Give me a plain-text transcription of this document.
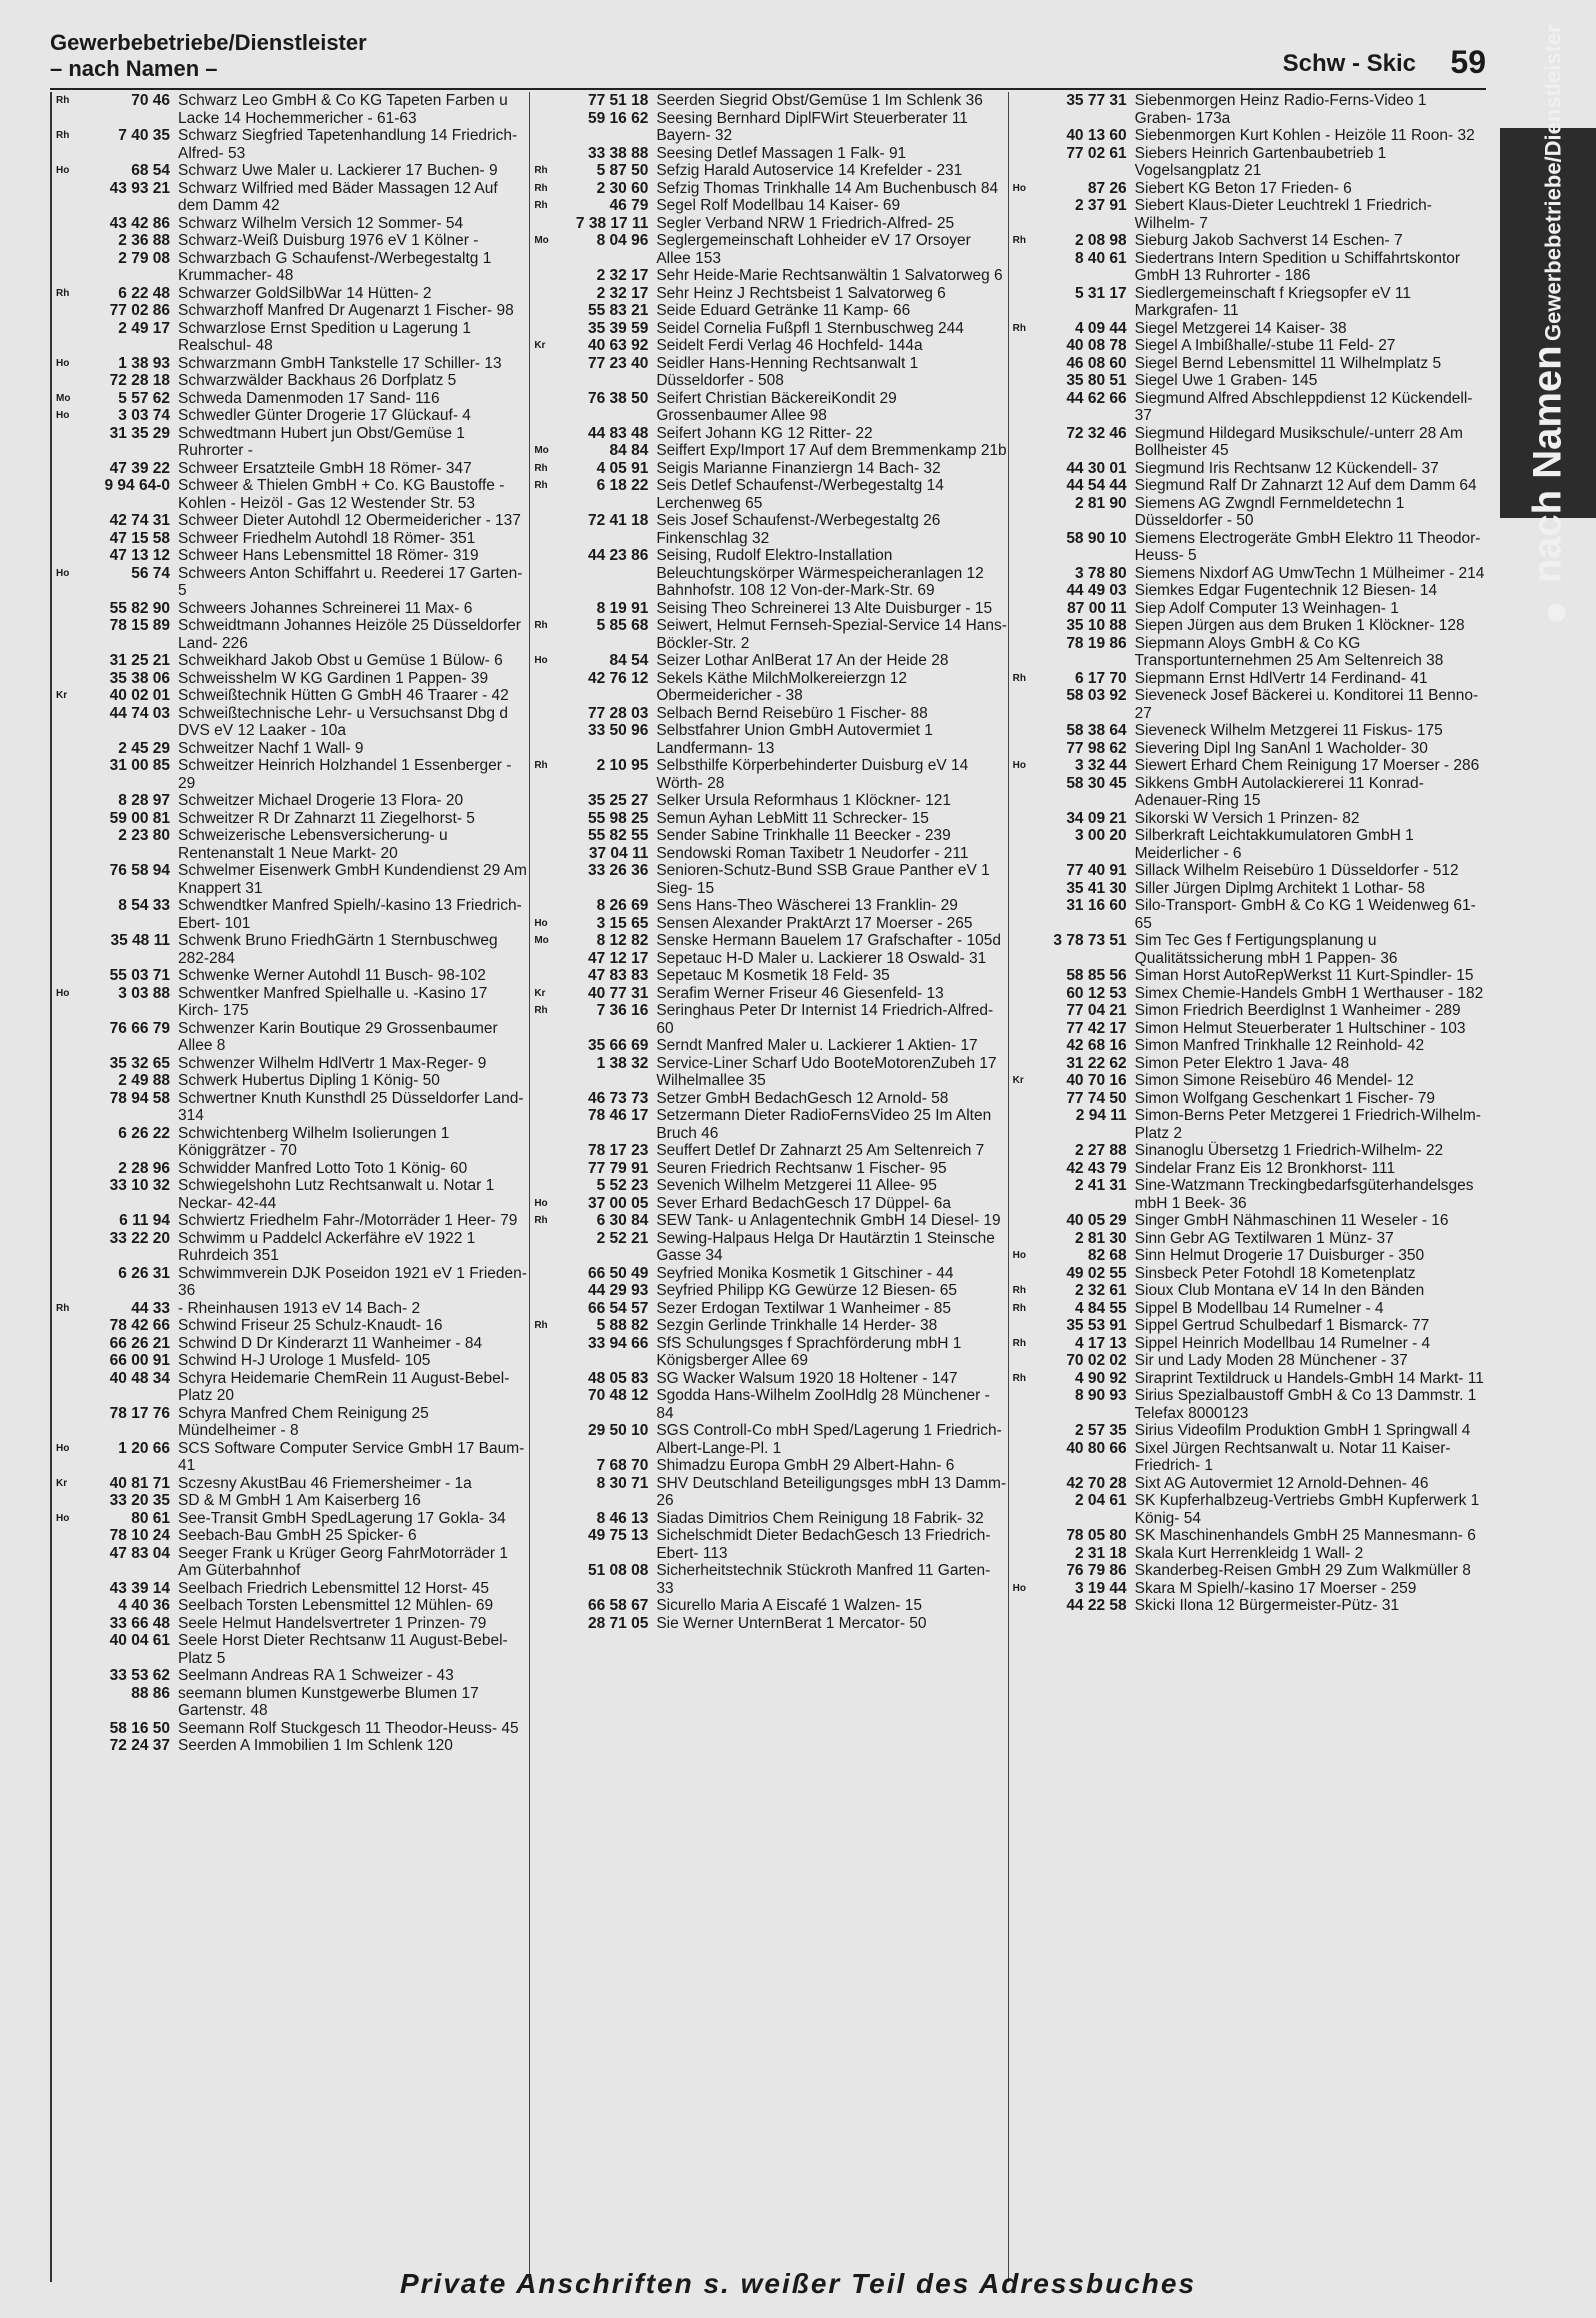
Gewerbebetriebe/Dienstleister
– nach Namen –	Schw - Skic 59
nach Namen Gewerbebetriebe/Dienstleister
Rh	70 46 Schwarz Leo GmbH & Co KG Tapeten Farben u Lacke 14 Hochemmericher - 61-63
Rh	7 40 35 Schwarz Siegfried Tapetenhandlung 14 Friedrich-Alfred- 53
Ho	68 54 Schwarz Uwe Maler u. Lackierer 17 Buchen- 9
43 93 21 Schwarz Wilfried med Bäder Massagen 12 Auf dem Damm 42
43 42 86 Schwarz Wilhelm Versich 12 Sommer- 54
2 36 88 Schwarz-Weiß Duisburg 1976 eV 1 Kölner -
2 79 08 Schwarzbach G Schaufenst-/Werbegestaltg 1 Krummacher- 48
Rh	6 22 48 Schwarzer GoldSilbWar 14 Hütten- 2
77 02 86 Schwarzhoff Manfred Dr Augenarzt 1 Fischer- 98
2 49 17 Schwarzlose Ernst Spedition u Lagerung 1 Realschul- 48
Ho	1 38 93 Schwarzmann GmbH Tankstelle 17 Schiller- 13
72 28 18 Schwarzwälder Backhaus 26 Dorfplatz 5
Mo	5 57 62 Schweda Damenmoden 17 Sand- 116
Ho	3 03 74 Schwedler Günter Drogerie 17 Glückauf- 4
31 35 29 Schwedtmann Hubert jun Obst/Gemüse 1 Ruhrorter -
47 39 22 Schweer Ersatzteile GmbH 18 Römer- 347
9 94 64-0 Schweer & Thielen GmbH + Co. KG Baustoffe - Kohlen - Heizöl - Gas 12 Westender Str. 53
42 74 31 Schweer Dieter Autohdl 12 Obermeidericher - 137
47 15 58 Schweer Friedhelm Autohdl 18 Römer- 351
47 13 12 Schweer Hans Lebensmittel 18 Römer- 319
Ho	56 74 Schweers Anton Schiffahrt u. Reederei 17 Garten- 5
55 82 90 Schweers Johannes Schreinerei 11 Max- 6
78 15 89 Schweidtmann Johannes Heizöle 25 Düsseldorfer Land- 226
31 25 21 Schweikhard Jakob Obst u Gemüse 1 Bülow- 6
35 38 06 Schweisshelm W KG Gardinen 1 Pappen- 39
Kr	40 02 01 Schweißtechnik Hütten G GmbH 46 Traarer - 42
44 74 03 Schweißtechnische Lehr- u Versuchsanst Dbg d DVS eV 12 Laaker - 10a
2 45 29 Schweitzer Nachf 1 Wall- 9
31 00 85 Schweitzer Heinrich Holzhandel 1 Essenberger - 29
8 28 97 Schweitzer Michael Drogerie 13 Flora- 20
59 00 81 Schweitzer R Dr Zahnarzt 11 Ziegelhorst- 5
2 23 80 Schweizerische Lebensversicherung- u Rentenanstalt 1 Neue Markt- 20
76 58 94 Schwelmer Eisenwerk GmbH Kundendienst 29 Am Knappert 31
8 54 33 Schwendtker Manfred Spielh/-kasino 13 Friedrich-Ebert- 101
35 48 11 Schwenk Bruno FriedhGärtn 1 Sternbuschweg 282-284
55 03 71 Schwenke Werner Autohdl 11 Busch- 98-102
Ho	3 03 88 Schwentker Manfred Spielhalle u. -Kasino 17 Kirch- 175
76 66 79 Schwenzer Karin Boutique 29 Grossenbaumer Allee 8
35 32 65 Schwenzer Wilhelm HdlVertr 1 Max-Reger- 9
2 49 88 Schwerk Hubertus Dipling 1 König- 50
78 94 58 Schwertner Knuth Kunsthdl 25 Düsseldorfer Land- 314
6 26 22 Schwichtenberg Wilhelm Isolierungen 1 Königgrätzer - 70
2 28 96 Schwidder Manfred Lotto Toto 1 König- 60
33 10 32 Schwiegelshohn Lutz Rechtsanwalt u. Notar 1 Neckar- 42-44
6 11 94 Schwiertz Friedhelm Fahr-/Motorräder 1 Heer- 79
33 22 20 Schwimm u Paddelcl Ackerfähre eV 1922 1 Ruhrdeich 351
6 26 31 Schwimmverein DJK Poseidon 1921 eV 1 Frieden- 36
Rh	44 33 - Rheinhausen 1913 eV 14 Bach- 2
78 42 66 Schwind Friseur 25 Schulz-Knaudt- 16
66 26 21 Schwind D Dr Kinderarzt 11 Wanheimer - 84
66 00 91 Schwind H-J Urologe 1 Musfeld- 105
40 48 34 Schyra Heidemarie ChemRein 11 August-Bebel-Platz 20
78 17 76 Schyra Manfred Chem Reinigung 25 Mündelheimer - 8
Ho	1 20 66 SCS Software Computer Service GmbH 17 Baum- 41
Kr	40 81 71 Sczesny AkustBau 46 Friemersheimer - 1a
33 20 35 SD & M GmbH 1 Am Kaiserberg 16
Ho	80 61 See-Transit GmbH SpedLagerung 17 Gokla- 34
78 10 24 Seebach-Bau GmbH 25 Spicker- 6
47 83 04 Seeger Frank u Krüger Georg FahrMotorräder 1 Am Güterbahnhof
43 39 14 Seelbach Friedrich Lebensmittel 12 Horst- 45
4 40 36 Seelbach Torsten Lebensmittel 12 Mühlen- 69
33 66 48 Seele Helmut Handelsvertreter 1 Prinzen- 79
40 04 61 Seele Horst Dieter Rechtsanw 11 August-Bebel-Platz 5
33 53 62 Seelmann Andreas RA 1 Schweizer - 43
88 86 seemann blumen Kunstgewerbe Blumen 17 Gartenstr. 48
58 16 50 Seemann Rolf Stuckgesch 11 Theodor-Heuss- 45
72 24 37 Seerden A Immobilien 1 Im Schlenk 120
77 51 18 Seerden Siegrid Obst/Gemüse 1 Im Schlenk 36
59 16 62 Seesing Bernhard DiplFWirt Steuerberater 11 Bayern- 32
33 38 88 Seesing Detlef Massagen 1 Falk- 91
Rh	5 87 50 Sefzig Harald Autoservice 14 Krefelder - 231
Rh	2 30 60 Sefzig Thomas Trinkhalle 14 Am Buchenbusch 84
Rh	46 79 Segel Rolf Modellbau 14 Kaiser- 69
7 38 17 11 Segler Verband NRW 1 Friedrich-Alfred- 25
Mo	8 04 96 Seglergemeinschaft Lohheider eV 17 Orsoyer Allee 153
2 32 17 Sehr Heide-Marie Rechtsanwältin 1 Salvatorweg 6
2 32 17 Sehr Heinz J Rechtsbeist 1 Salvatorweg 6
55 83 21 Seide Eduard Getränke 11 Kamp- 66
35 39 59 Seidel Cornelia Fußpfl 1 Sternbuschweg 244
Kr	40 63 92 Seidelt Ferdi Verlag 46 Hochfeld- 144a
77 23 40 Seidler Hans-Henning Rechtsanwalt 1 Düsseldorfer - 508
76 38 50 Seifert Christian BäckereiKondit 29 Grossenbaumer Allee 98
44 83 48 Seifert Johann KG 12 Ritter- 22
Mo	84 84 Seiffert Exp/Import 17 Auf dem Bremmenkamp 21b
Rh	4 05 91 Seigis Marianne Finanziergn 14 Bach- 32
Rh	6 18 22 Seis Detlef Schaufenst-/Werbegestaltg 14 Lerchenweg 65
72 41 18 Seis Josef Schaufenst-/Werbegestaltg 26 Finkenschlag 32
44 23 86 Seising, Rudolf Elektro-Installation Beleuchtungskörper Wärmespeicheranlagen 12 Bahnhofstr. 108 12 Von-der-Mark-Str. 69
8 19 91 Seising Theo Schreinerei 13 Alte Duisburger - 15
Rh	5 85 68 Seiwert, Helmut Fernseh-Spezial-Service 14 Hans-Böckler-Str. 2
Ho	84 54 Seizer Lothar AnlBerat 17 An der Heide 28
42 76 12 Sekels Käthe MilchMolkereierzgn 12 Obermeidericher - 38
77 28 03 Selbach Bernd Reisebüro 1 Fischer- 88
33 50 96 Selbstfahrer Union GmbH Autovermiet 1 Landfermann- 13
Rh	2 10 95 Selbsthilfe Körperbehinderter Duisburg eV 14 Wörth- 28
35 25 27 Selker Ursula Reformhaus 1 Klöckner- 121
55 98 25 Semun Ayhan LebMitt 11 Schrecker- 15
55 82 55 Sender Sabine Trinkhalle 11 Beecker - 239
37 04 11 Sendowski Roman Taxibetr 1 Neudorfer - 211
33 26 36 Senioren-Schutz-Bund SSB Graue Panther eV 1 Sieg- 15
8 26 69 Sens Hans-Theo Wäscherei 13 Franklin- 29
Ho	3 15 65 Sensen Alexander PraktArzt 17 Moerser - 265
Mo	8 12 82 Senske Hermann Bauelem 17 Grafschafter - 105d
47 12 17 Sepetauc H-D Maler u. Lackierer 18 Oswald- 31
47 83 83 Sepetauc M Kosmetik 18 Feld- 35
Kr	40 77 31 Serafim Werner Friseur 46 Giesenfeld- 13
Rh	7 36 16 Seringhaus Peter Dr Internist 14 Friedrich-Alfred- 60
35 66 69 Serndt Manfred Maler u. Lackierer 1 Aktien- 17
1 38 32 Service-Liner Scharf Udo BooteMotorenZubeh 17 Wilhelmallee 35
46 73 73 Setzer GmbH BedachGesch 12 Arnold- 58
78 46 17 Setzermann Dieter RadioFernsVideo 25 Im Alten Bruch 46
78 17 23 Seuffert Detlef Dr Zahnarzt 25 Am Seltenreich 7
77 79 91 Seuren Friedrich Rechtsanw 1 Fischer- 95
5 52 23 Sevenich Wilhelm Metzgerei 11 Allee- 95
Ho	37 00 05 Sever Erhard BedachGesch 17 Düppel- 6a
Rh	6 30 84 SEW Tank- u Anlagentechnik GmbH 14 Diesel- 19
2 52 21 Sewing-Halpaus Helga Dr Hautärztin 1 Steinsche Gasse 34
66 50 49 Seyfried Monika Kosmetik 1 Gitschiner - 44
44 29 93 Seyfried Philipp KG Gewürze 12 Biesen- 65
66 54 57 Sezer Erdogan Textilwar 1 Wanheimer - 85
Rh	5 88 82 Sezgin Gerlinde Trinkhalle 14 Herder- 38
33 94 66 SfS Schulungsges f Sprachförderung mbH 1 Königsberger Allee 69
48 05 83 SG Wacker Walsum 1920 18 Holtener - 147
70 48 12 Sgodda Hans-Wilhelm ZoolHdlg 28 Münchener - 84
29 50 10 SGS Controll-Co mbH Sped/Lagerung 1 Friedrich-Albert-Lange-Pl. 1
7 68 70 Shimadzu Europa GmbH 29 Albert-Hahn- 6
8 30 71 SHV Deutschland Beteiligungsges mbH 13 Damm- 26
8 46 13 Siadas Dimitrios Chem Reinigung 18 Fabrik- 32
49 75 13 Sichelschmidt Dieter BedachGesch 13 Friedrich-Ebert- 113
51 08 08 Sicherheitstechnik Stückroth Manfred 11 Garten- 33
66 58 67 Sicurello Maria A Eiscafé 1 Walzen- 15
28 71 05 Sie Werner UnternBerat 1 Mercator- 50
35 77 31 Siebenmorgen Heinz Radio-Ferns-Video 1 Graben- 173a
40 13 60 Siebenmorgen Kurt Kohlen - Heizöle 11 Roon- 32
77 02 61 Siebers Heinrich Gartenbaubetrieb 1 Vogelsangplatz 21
Ho	87 26 Siebert KG Beton 17 Frieden- 6
2 37 91 Siebert Klaus-Dieter Leuchtrekl 1 Friedrich-Wilhelm- 7
Rh	2 08 98 Sieburg Jakob Sachverst 14 Eschen- 7
8 40 61 Siedertrans Intern Spedition u Schiffahrtskontor GmbH 13 Ruhrorter - 186
5 31 17 Siedlergemeinschaft f Kriegsopfer eV 11 Markgrafen- 11
Rh	4 09 44 Siegel Metzgerei 14 Kaiser- 38
40 08 78 Siegel A Imbißhalle/-stube 11 Feld- 27
46 08 60 Siegel Bernd Lebensmittel 11 Wilhelmplatz 5
35 80 51 Siegel Uwe 1 Graben- 145
44 62 66 Siegmund Alfred Abschleppdienst 12 Kückendell- 37
72 32 46 Siegmund Hildegard Musikschule/-unterr 28 Am Bollheister 45
44 30 01 Siegmund Iris Rechtsanw 12 Kückendell- 37
44 54 44 Siegmund Ralf Dr Zahnarzt 12 Auf dem Damm 64
2 81 90 Siemens AG Zwgndl Fernmeldetechn 1 Düsseldorfer - 50
58 90 10 Siemens Electrogeräte GmbH Elektro 11 Theodor-Heuss- 5
3 78 80 Siemens Nixdorf AG UmwTechn 1 Mülheimer - 214
44 49 03 Siemkes Edgar Fugentechnik 12 Biesen- 14
87 00 11 Siep Adolf Computer 13 Weinhagen- 1
35 10 88 Siepen Jürgen aus dem Bruken 1 Klöckner- 128
78 19 86 Siepmann Aloys GmbH & Co KG Transportunternehmen 25 Am Seltenreich 38
Rh	6 17 70 Siepmann Ernst HdlVertr 14 Ferdinand- 41
58 03 92 Sieveneck Josef Bäckerei u. Konditorei 11 Benno- 27
58 38 64 Sieveneck Wilhelm Metzgerei 11 Fiskus- 175
77 98 62 Sievering Dipl Ing SanAnl 1 Wacholder- 30
Ho	3 32 44 Siewert Erhard Chem Reinigung 17 Moerser - 286
58 30 45 Sikkens GmbH Autolackiererei 11 Konrad-Adenauer-Ring 15
34 09 21 Sikorski W Versich 1 Prinzen- 82
3 00 20 Silberkraft Leichtakkumulatoren GmbH 1 Meiderlicher - 6
77 40 91 Sillack Wilhelm Reisebüro 1 Düsseldorfer - 512
35 41 30 Siller Jürgen Diplmg Architekt 1 Lothar- 58
31 16 60 Silo-Transport- GmbH & Co KG 1 Weidenweg 61-65
3 78 73 51 Sim Tec Ges f Fertigungsplanung u Qualitätssicherung mbH 1 Pappen- 36
58 85 56 Siman Horst AutoRepWerkst 11 Kurt-Spindler- 15
60 12 53 Simex Chemie-Handels GmbH 1 Werthauser - 182
77 04 21 Simon Friedrich Beerdiglnst 1 Wanheimer - 289
77 42 17 Simon Helmut Steuerberater 1 Hultschiner - 103
42 68 16 Simon Manfred Trinkhalle 12 Reinhold- 42
31 22 62 Simon Peter Elektro 1 Java- 48
Kr	40 70 16 Simon Simone Reisebüro 46 Mendel- 12
77 74 50 Simon Wolfgang Geschenkart 1 Fischer- 79
2 94 11 Simon-Berns Peter Metzgerei 1 Friedrich-Wilhelm-Platz 2
2 27 88 Sinanoglu Übersetzg 1 Friedrich-Wilhelm- 22
42 43 79 Sindelar Franz Eis 12 Bronkhorst- 111
2 41 31 Sine-Watzmann Treckingbedarfsgüterhandelsges mbH 1 Beek- 36
40 05 29 Singer GmbH Nähmaschinen 11 Weseler - 16
2 81 30 Sinn Gebr AG Textilwaren 1 Münz- 37
Ho	82 68 Sinn Helmut Drogerie 17 Duisburger - 350
49 02 55 Sinsbeck Peter Fotohdl 18 Kometenplatz
Rh	2 32 61 Sioux Club Montana eV 14 In den Bänden
Rh	4 84 55 Sippel B Modellbau 14 Rumelner - 4
35 53 91 Sippel Gertrud Schulbedarf 1 Bismarck- 77
Rh	4 17 13 Sippel Heinrich Modellbau 14 Rumelner - 4
70 02 02 Sir und Lady Moden 28 Münchener - 37
Rh	4 90 92 Siraprint Textildruck u Handels-GmbH 14 Markt- 11
8 90 93 Sirius Spezialbaustoff GmbH & Co 13 Dammstr. 1 Telefax 8000123
2 57 35 Sirius Videofilm Produktion GmbH 1 Springwall 4
40 80 66 Sixel Jürgen Rechtsanwalt u. Notar 11 Kaiser-Friedrich- 1
42 70 28 Sixt AG Autovermiet 12 Arnold-Dehnen- 46
2 04 61 SK Kupferhalbzeug-Vertriebs GmbH Kupferwerk 1 König- 54
78 05 80 SK Maschinenhandels GmbH 25 Mannesmann- 6
2 31 18 Skala Kurt Herrenkleidg 1 Wall- 2
76 79 86 Skanderbeg-Reisen GmbH 29 Zum Walkmüller 8
Ho	3 19 44 Skara M Spielh/-kasino 17 Moerser - 259
44 22 58 Skicki Ilona 12 Bürgermeister-Pütz- 31
Private Anschriften s. weißer Teil des Adressbuches
